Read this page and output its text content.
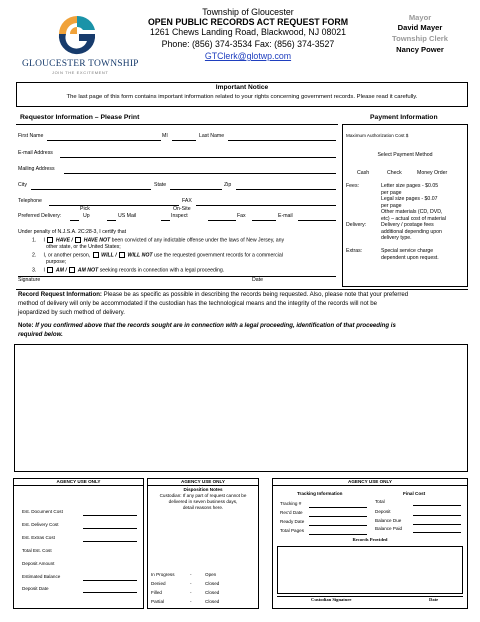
GLOUCESTER TOWNSHIP
JOIN THE EXCITEMENT
Township of Gloucester
OPEN PUBLIC RECORDS ACT REQUEST FORM
1261 Chews Landing Road, Blackwood, NJ 08021
Phone: (856) 374-3534 Fax: (856) 374-3527
GTClerk@glotwp.com
Mayor
David Mayer
Township Clerk
Nancy Power
Important Notice
The last page of this form contains important information related to your rights concerning government records. Please read it carefully.
Requestor Information – Please Print
First Name	MI	Last Name
E-mail Address
Mailing Address
City	State	Zip
Telephone	FAX
Pick	On-Site
Preferred Delivery:	Up	US Mail	Inspect	Fax	E-mail
Under penalty of N.J.S.A. 2C:28-3, I certify that
1. I HAVE / HAVE NOT been convicted of any indictable offense under the laws of New Jersey, any
other state, or the United States;
2. I, or another person, WILL / WILL NOT use the requested government records for a commercial
purpose;
3. I AM / AM NOT seeking records in connection with a legal proceeding.
Signature	Date
Payment Information
Maximum Authorization Cost $
Select Payment Method
Cash	Check	Money Order
Fees:	Letter size pages - $0.05
per page
Legal size pages - $0.07
per page
Other materials (CD, DVD,
etc) – actual cost of material
Delivery:	Delivery / postage fees
additional depending upon
delivery type.
Extras:	Special service charge
dependent upon request.
Record Request Information: Please be as specific as possible in describing the records being requested. Also, please note that your preferred
method of delivery will only be accommodated if the custodian has the technological means and the integrity of the records will not be
jeopardized by such method of delivery.
Note: If you confirmed above that the records sought are in connection with a legal proceeding, identification of that proceeding is
required below.
AGENCY USE ONLY
Est. Document Cost
Est. Delivery Cost
Est. Extras Cost
Total Est. Cost
Deposit Amount
Estimated Balance
Deposit Date
AGENCY USE ONLY
Disposition Notes
Custodian: If any part of request cannot be
delivered in seven business days,
detail reasons here.
In Progress	-	Open
Denied	-	Closed
Filled	-	Closed
Partial	-	Closed
AGENCY USE ONLY
Tracking Information	Final Cost
Tracking #
Rec'd Date
Ready Date
Total Pages
Total
Deposit
Balance Due
Balance Paid
Records Provided
Custodian Signature	Date
